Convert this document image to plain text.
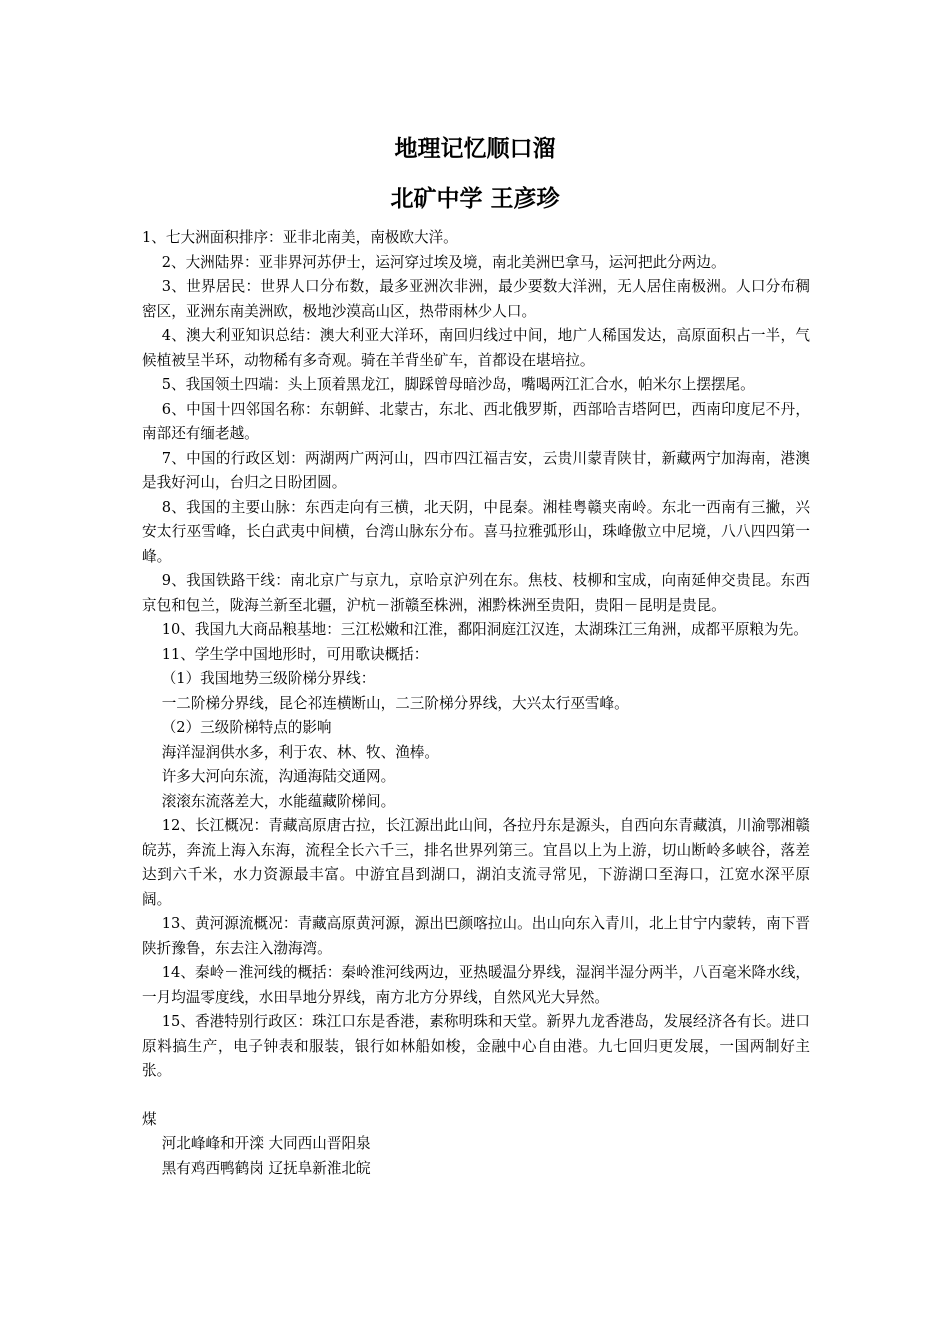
地理记忆顺口溜
北矿中学 王彦珍

1、七大洲面积排序：亚非北南美，南极欧大洋。

2、大洲陆界：亚非界河苏伊士，运河穿过埃及境，南北美洲巴拿马，运河把此分两边。

3、世界居民：世界人口分布数，最多亚洲次非洲，最少要数大洋洲，无人居住南极洲。人口分布稠密区，亚洲东南美洲欧，极地沙漠高山区，热带雨林少人口。

4、澳大利亚知识总结：澳大利亚大洋环，南回归线过中间，地广人稀国发达，高原面积占一半，气候植被呈半环，动物稀有多奇观。骑在羊背坐矿车，首都设在堪培拉。

5、我国领土四端：头上顶着黑龙江，脚踩曾母暗沙岛，嘴喝两江汇合水，帕米尔上摆摆尾。

6、中国十四邻国名称：东朝鲜、北蒙古，东北、西北俄罗斯，西部哈吉塔阿巴，西南印度尼不丹，南部还有缅老越。

7、中国的行政区划：两湖两广两河山，四市四江福吉安，云贵川蒙青陕甘，新藏两宁加海南，港澳是我好河山，台归之日盼团圆。

8、我国的主要山脉：东西走向有三横，北天阴，中昆秦。湘桂粤赣夹南岭。东北一西南有三撇，兴安太行巫雪峰，长白武夷中间横，台湾山脉东分布。喜马拉雅弧形山，珠峰傲立中尼境，八八四四第一峰。

9、我国铁路干线：南北京广与京九，京哈京沪列在东。焦枝、枝柳和宝成，向南延伸交贵昆。东西京包和包兰，陇海兰新至北疆，沪杭－浙赣至株洲，湘黔株洲至贵阳，贵阳－昆明是贵昆。

10、我国九大商品粮基地：三江松嫩和江淮，鄱阳洞庭江汉连，太湖珠江三角洲，成都平原粮为先。

11、学生学中国地形时，可用歌诀概括：

（1）我国地势三级阶梯分界线：

一二阶梯分界线，昆仑祁连横断山，二三阶梯分界线，大兴太行巫雪峰。

（2）三级阶梯特点的影响

海洋湿润供水多，利于农、林、牧、渔棒。

许多大河向东流，沟通海陆交通网。

滚滚东流落差大，水能蕴藏阶梯间。

12、长江概况：青藏高原唐古拉，长江源出此山间，各拉丹东是源头，自西向东青藏滇，川渝鄂湘赣皖苏，奔流上海入东海，流程全长六千三，排名世界列第三。宜昌以上为上游，切山断岭多峡谷，落差达到六千米，水力资源最丰富。中游宜昌到湖口，湖泊支流寻常见，下游湖口至海口，江宽水深平原阔。

13、黄河源流概况：青藏高原黄河源，源出巴颜喀拉山。出山向东入青川，北上甘宁内蒙转，南下晋陕折豫鲁，东去注入渤海湾。

14、秦岭－淮河线的概括：秦岭淮河线两边，亚热暖温分界线，湿润半湿分两半，八百毫米降水线，一月均温零度线，水田旱地分界线，南方北方分界线，自然风光大异然。

15、香港特别行政区：珠江口东是香港，素称明珠和天堂。新界九龙香港岛，发展经济各有长。进口原料搞生产，电子钟表和服装，银行如林船如梭，金融中心自由港。九七回归更发展，一国两制好主张。

煤

河北峰峰和开滦 大同西山晋阳泉

黑有鸡西鸭鹤岗 辽抚阜新淮北皖
